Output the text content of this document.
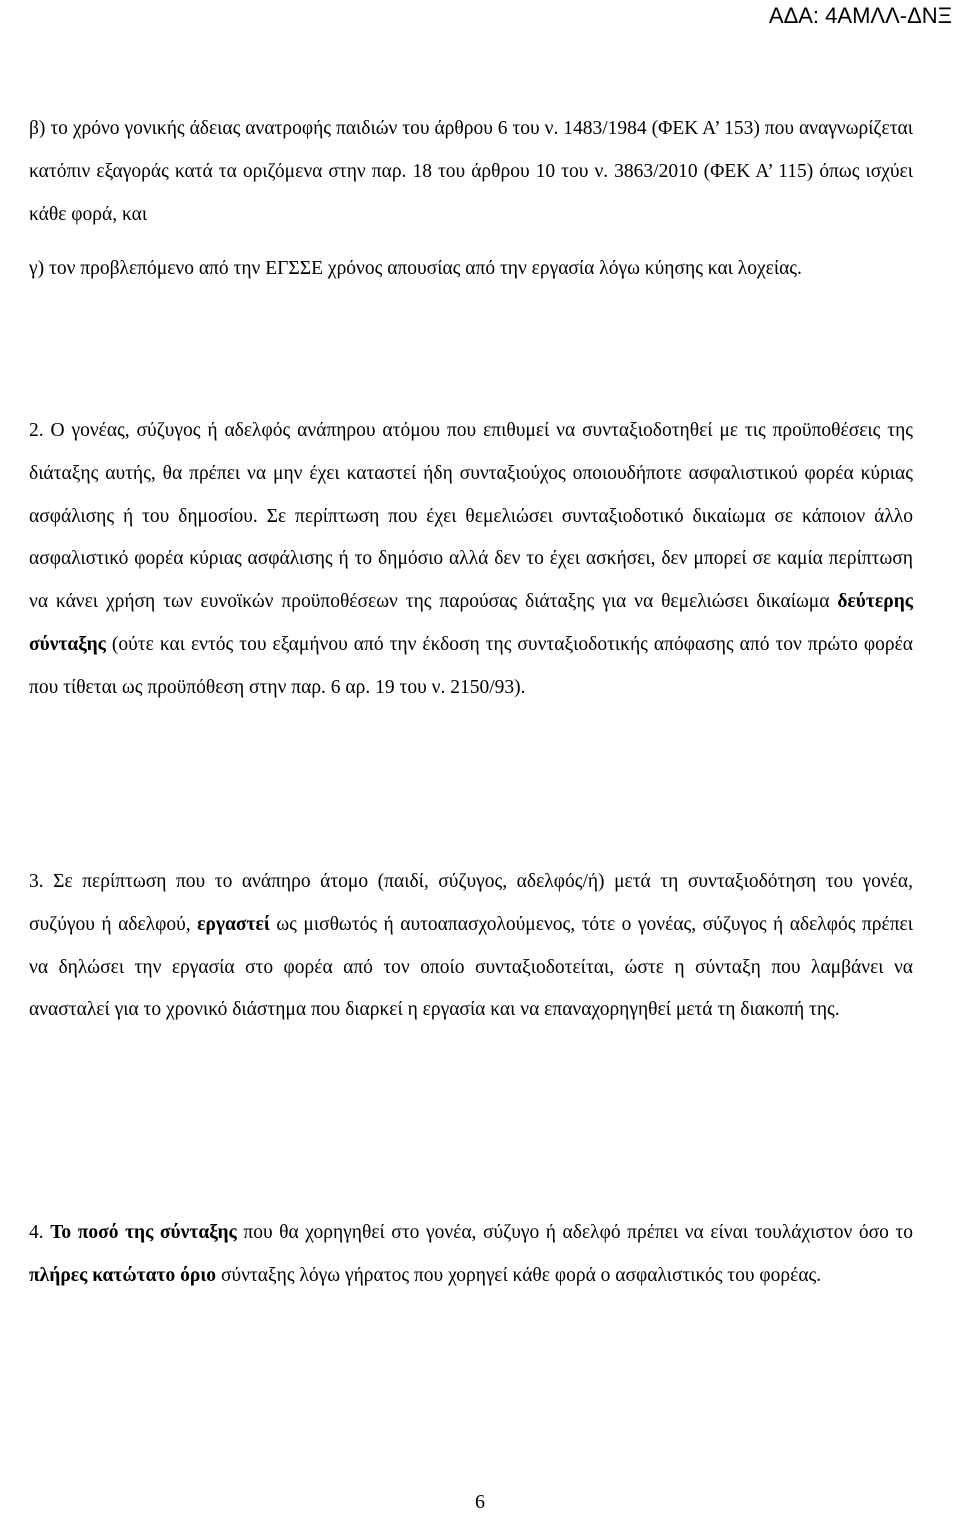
ΑΔΑ: 4ΑΜΛΛ-ΔΝΞ

β) το χρόνο γονικής άδειας ανατροφής παιδιών του άρθρου 6 του ν. 1483/1984 (ΦΕΚ Α’ 153) που αναγνωρίζεται κατόπιν εξαγοράς κατά τα οριζόμενα στην παρ. 18 του άρθρου 10 του ν. 3863/2010 (ΦΕΚ Α’ 115) όπως ισχύει κάθε φορά, και

γ) τον προβλεπόμενο από την ΕΓΣΣΕ χρόνος απουσίας από την εργασία λόγω κύησης και λοχείας.

2. Ο γονέας, σύζυγος ή αδελφός ανάπηρου ατόμου που επιθυμεί να συνταξιοδοτηθεί με τις προϋποθέσεις της διάταξης αυτής, θα πρέπει να μην έχει καταστεί ήδη συνταξιούχος οποιουδήποτε ασφαλιστικού φορέα κύριας ασφάλισης ή του δημοσίου. Σε περίπτωση που έχει θεμελιώσει συνταξιοδοτικό δικαίωμα σε κάποιον άλλο ασφαλιστικό φορέα κύριας ασφάλισης ή το δημόσιο αλλά δεν το έχει ασκήσει, δεν μπορεί σε καμία περίπτωση να κάνει χρήση των ευνοϊκών προϋποθέσεων της παρούσας διάταξης για να θεμελιώσει δικαίωμα δεύτερης σύνταξης (ούτε και εντός του εξαμήνου από την έκδοση της συνταξιοδοτικής απόφασης από τον πρώτο φορέα που τίθεται ως προϋπόθεση στην παρ. 6 αρ. 19 του ν. 2150/93).

3. Σε περίπτωση που το ανάπηρο άτομο (παιδί, σύζυγος, αδελφός/ή) μετά τη συνταξιοδότηση του γονέα, συζύγου ή αδελφού, εργαστεί ως μισθωτός ή αυτοαπασχολούμενος, τότε ο γονέας, σύζυγος ή αδελφός πρέπει να δηλώσει την εργασία στο φορέα από τον οποίο συνταξιοδοτείται, ώστε η σύνταξη που λαμβάνει να ανασταλεί για το χρονικό διάστημα που διαρκεί η εργασία και να επαναχορηγηθεί μετά τη διακοπή της.

4. Το ποσό της σύνταξης που θα χορηγηθεί στο γονέα, σύζυγο ή αδελφό πρέπει να είναι τουλάχιστον όσο το πλήρες κατώτατο όριο σύνταξης λόγω γήρατος που χορηγεί κάθε φορά ο ασφαλιστικός του φορέας.

6
